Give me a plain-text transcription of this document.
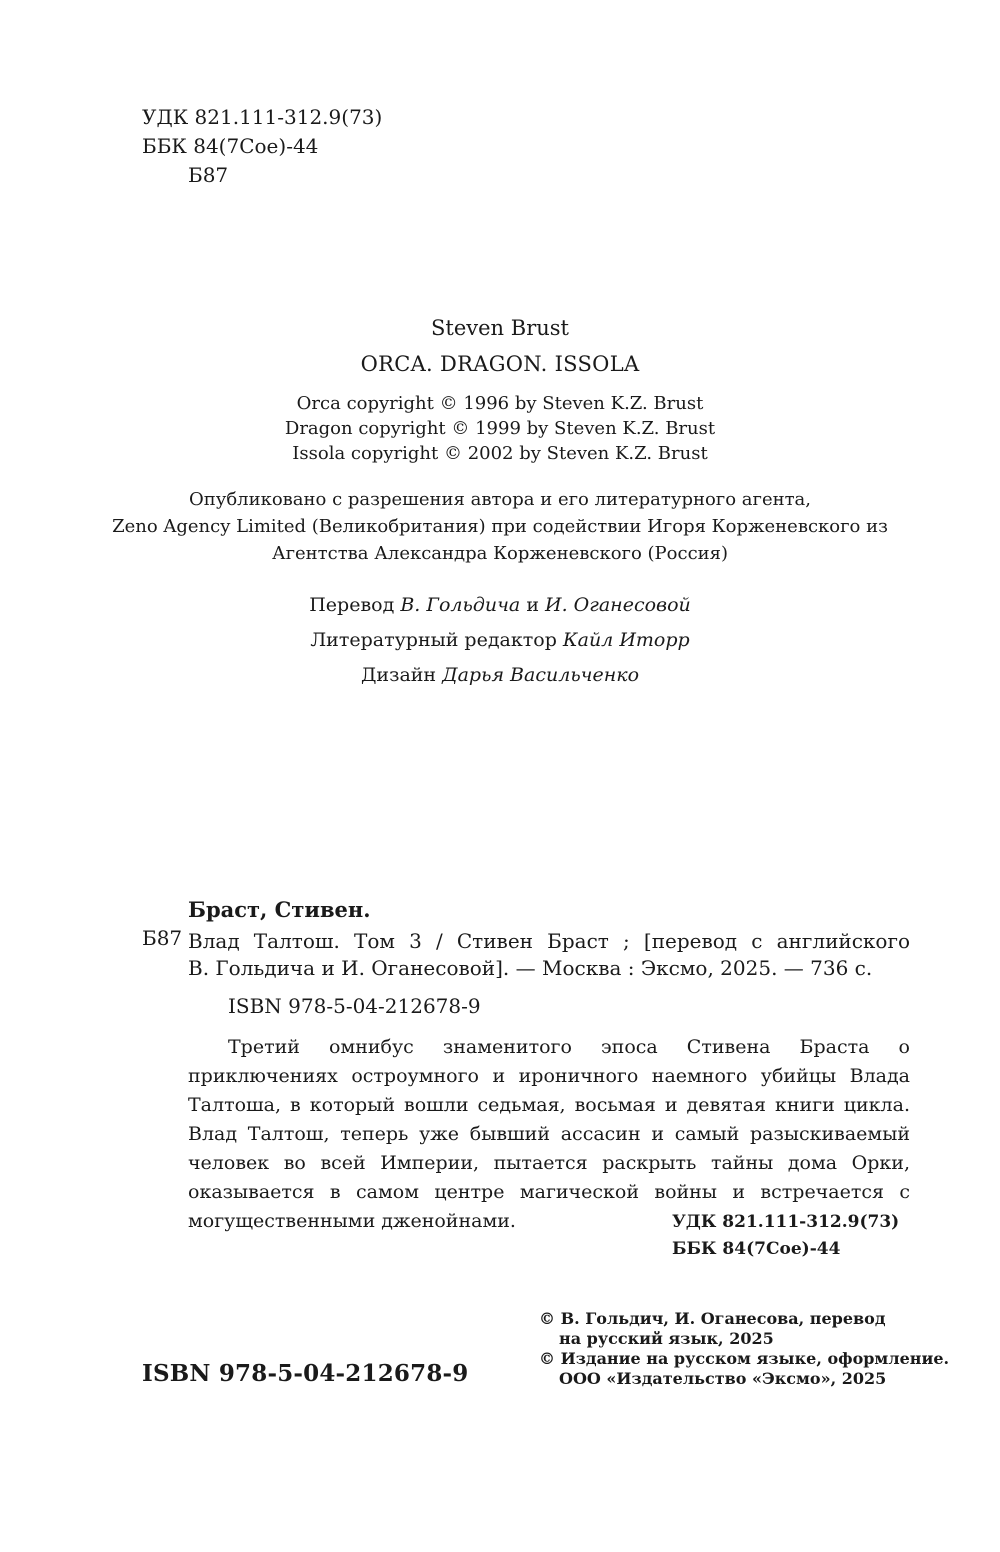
УДК 821.111-312.9(73)
ББК 84(7Сое)-44
Б87
Steven Brust
ORCA. DRAGON. ISSOLA
Orca copyright © 1996 by Steven K.Z. Brust
Dragon copyright © 1999 by Steven K.Z. Brust
Issola copyright © 2002 by Steven K.Z. Brust
Опубликовано с разрешения автора и его литературного агента,
Zeno Agency Limited (Великобритания) при содействии Игоря Корженевского из
Агентства Александра Корженевского (Россия)
Перевод В. Гольдича и И. Оганесовой
Литературный редактор Кайл Иторр
Дизайн Дарья Васильченко
Браст, Стивен.
Б87 Влад Талтош. Том 3 / Стивен Браст ; [перевод с английского
В. Гольдича и И. Оганесовой]. — Москва : Эксмо, 2025. — 736 с.
ISBN 978-5-04-212678-9
Третий омнибус знаменитого эпоса Стивена Браста о приключениях остроумного и ироничного наемного убийцы Влада Талтоша, в который вошли седьмая, восьмая и девятая книги цикла. Влад Талтош, теперь уже бывший ассасин и самый разыскиваемый человек во всей Империи, пытается раскрыть тайны дома Орки, оказывается в самом центре магической войны и встречается с могущественными дженойнами.	УДК 821.111-312.9(73)
ББК 84(7Сое)-44
© В. Гольдич, И. Оганесова, перевод
на русский язык, 2025
© Издание на русском языке, оформление.
ООО «Издательство «Эксмо», 2025
ISBN 978-5-04-212678-9
